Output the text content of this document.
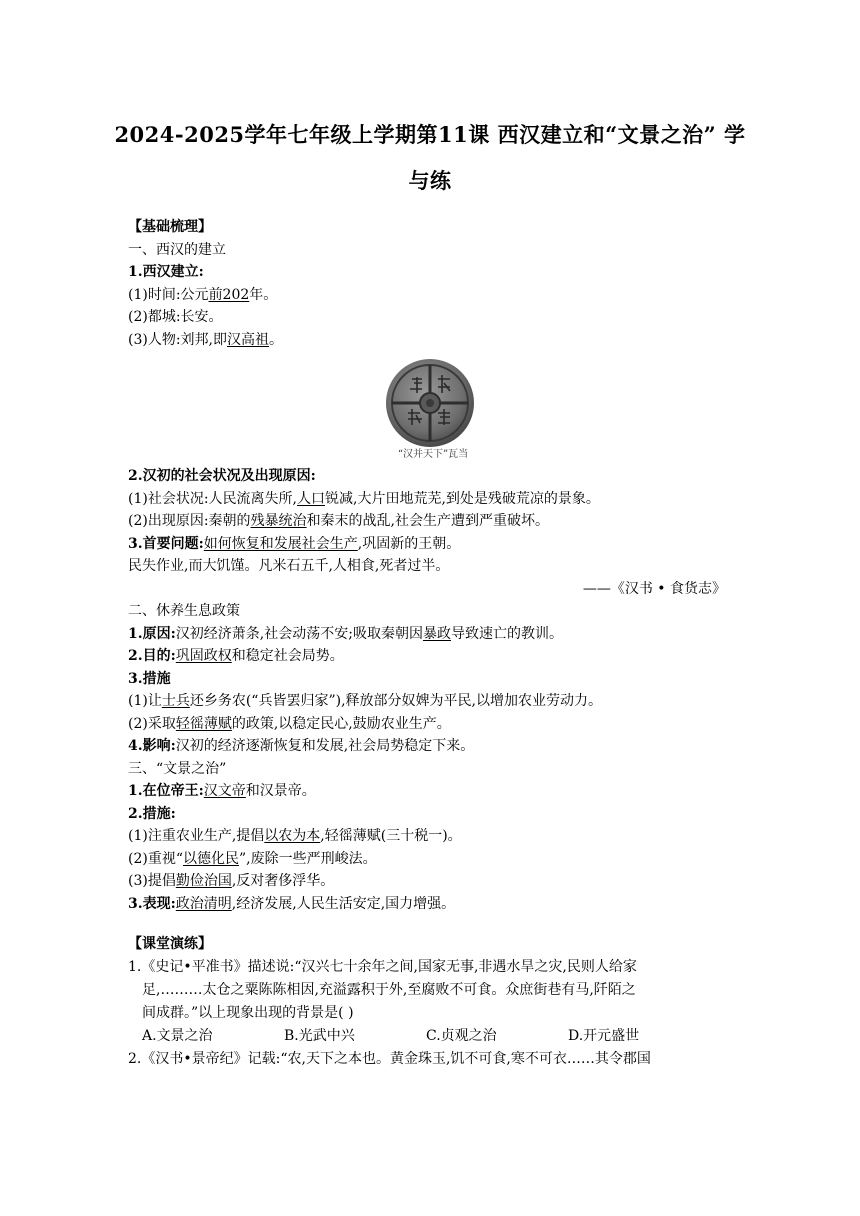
2024-2025学年七年级上学期第11课 西汉建立和“文景之治” 学
与练
【基础梳理】
一、西汉的建立
1.西汉建立:
(1)时间:公元前202年。
(2)都城:长安。
(3)人物:刘邦,即汉高祖。
“汉并天下”瓦当
2.汉初的社会状况及出现原因:
(1)社会状况:人民流离失所,人口锐减,大片田地荒芜,到处是残破荒凉的景象。
(2)出现原因:秦朝的残暴统治和秦末的战乱,社会生产遭到严重破坏。
3.首要问题:如何恢复和发展社会生产,巩固新的王朝。
民失作业,而大饥馑。凡米石五千,人相食,死者过半。
——《汉书 • 食货志》
二、休养生息政策
1.原因:汉初经济萧条,社会动荡不安;吸取秦朝因暴政导致速亡的教训。
2.目的:巩固政权和稳定社会局势。
3.措施
(1)让士兵还乡务农(“兵皆罢归家”),释放部分奴婢为平民,以增加农业劳动力。
(2)采取轻徭薄赋的政策,以稳定民心,鼓励农业生产。
4.影响:汉初的经济逐渐恢复和发展,社会局势稳定下来。
三、“文景之治”
1.在位帝王:汉文帝和汉景帝。
2.措施:
(1)注重农业生产,提倡以农为本,轻徭薄赋(三十税一)。
(2)重视“以德化民”,废除一些严刑峻法。
(3)提倡勤俭治国,反对奢侈浮华。
3.表现:政治清明,经济发展,人民生活安定,国力增强。
【课堂演练】
1.《史记•平准书》描述说:“汉兴七十余年之间,国家无事,非遇水旱之灾,民则人给家
足,………太仓之粟陈陈相因,充溢露积于外,至腐败不可食。众庶街巷有马,阡陌之
间成群。”以上现象出现的背景是( )
A.文景之治	B.光武中兴	C.贞观之治	D.开元盛世
2.《汉书•景帝纪》记载:“农,天下之本也。黄金珠玉,饥不可食,寒不可衣……其令郡国
